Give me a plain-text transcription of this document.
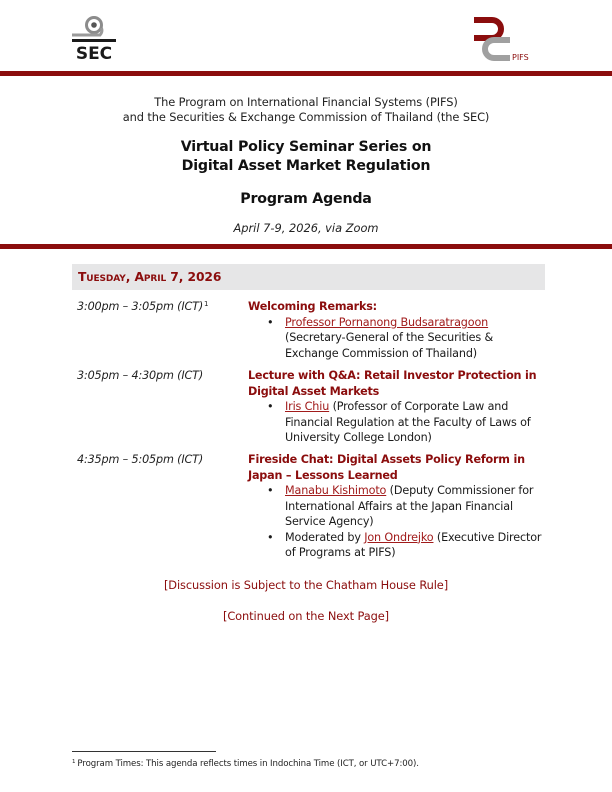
SEC	PIFS
The Program on International Financial Systems (PIFS)
and the Securities & Exchange Commission of Thailand (the SEC)
Virtual Policy Seminar Series on
Digital Asset Market Regulation
Program Agenda
April 7-9, 2026, via Zoom
Tuesday, April 7, 2026
3:00pm – 3:05pm (ICT)$^1$	Welcoming Remarks:
• Professor Pornanong Budsaratragoon
(Secretary-General of the Securities & Exchange Commission of Thailand)
3:05pm – 4:30pm (ICT)	Lecture with Q&A: Retail Investor Protection in Digital Asset Markets
• Iris Chiu (Professor of Corporate Law and Financial Regulation at the Faculty of Laws of University College London)
4:35pm – 5:05pm (ICT)	Fireside Chat: Digital Assets Policy Reform in Japan – Lessons Learned
• Manabu Kishimoto (Deputy Commissioner for International Affairs at the Japan Financial Service Agency)
• Moderated by Jon Ondrejko (Executive Director of Programs at PIFS)
[Discussion is Subject to the Chatham House Rule]
[Continued on the Next Page]
$^1$ Program Times: This agenda reflects times in Indochina Time (ICT, or UTC+7:00).
